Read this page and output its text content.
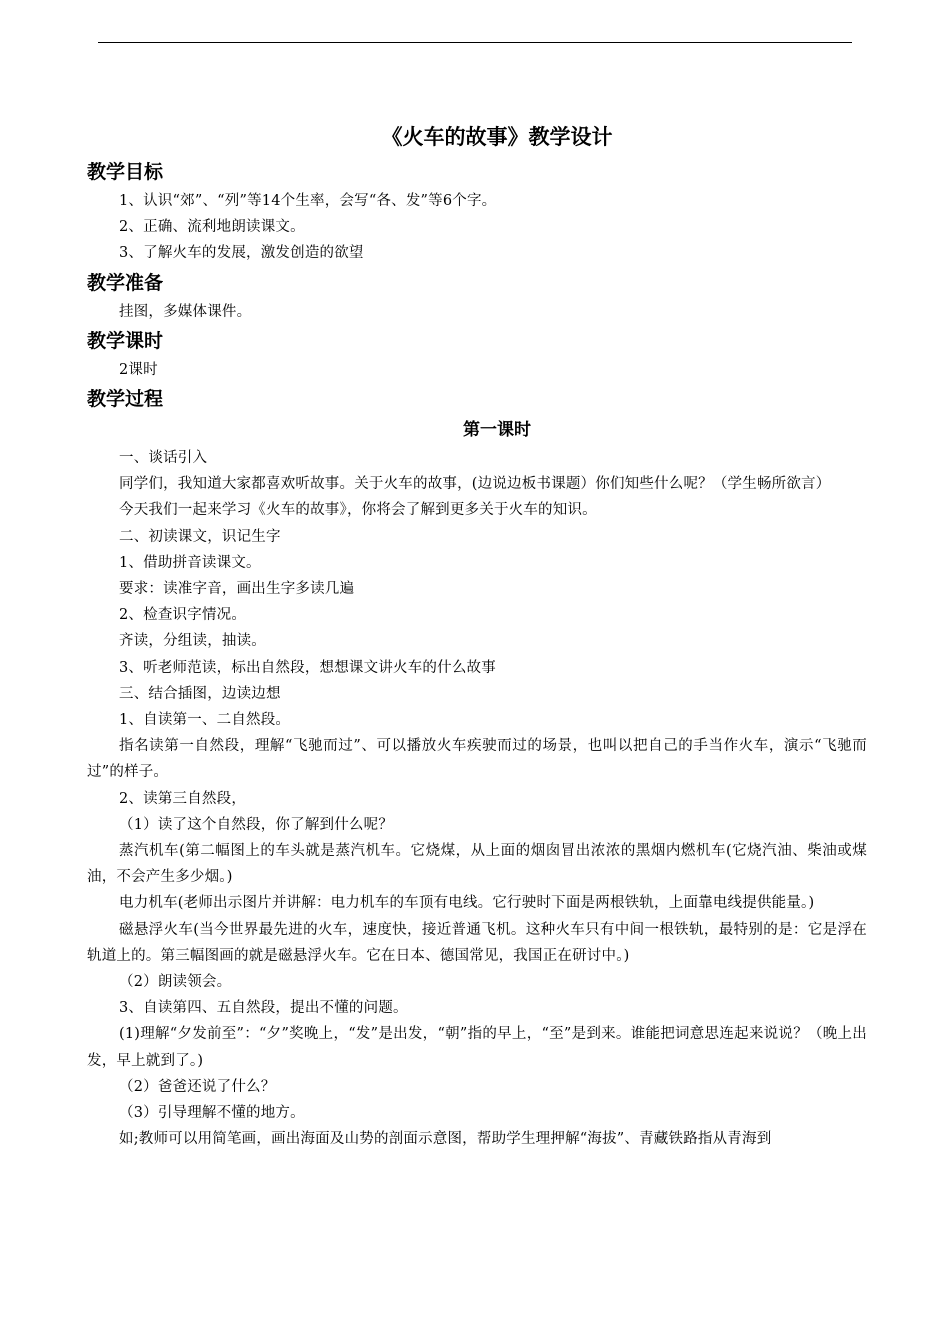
《火车的故事》教学设计
教学目标

1、认识“郊”、“列”等14个生率，会写“各、发”等6个字。

2、正确、流利地朗读课文。

3、了解火车的发展，激发创造的欲望

教学准备

挂图，多媒体课件。

教学课时

2课时

教学过程
第一课时

一、谈话引入

同学们，我知道大家都喜欢听故事。关于火车的故事，(边说边板书课题）你们知些什么呢？（学生畅所欲言）

今天我们一起来学习《火车的故事》，你将会了解到更多关于火车的知识。

二、初读课文，识记生字

1、借助拼音读课文。

要求：读准字音，画出生字多读几遍

2、检查识字情况。

齐读，分组读，抽读。

3、听老师范读，标出自然段，想想课文讲火车的什么故事

三、结合插图，边读边想

1、自读第一、二自然段。

指名读第一自然段，理解“飞驰而过”、可以播放火车疾驶而过的场景，也叫以把自己的手当作火车，演示“飞驰而过”的样子。

2、读第三自然段，

（1）读了这个自然段，你了解到什么呢？

蒸汽机车(第二幅图上的车头就是蒸汽机车。它烧煤，从上面的烟囱冒出浓浓的黑烟内燃机车(它烧汽油、柴油或煤油，不会产生多少烟。)

电力机车(老师出示图片并讲解：电力机车的车顶有电线。它行驶时下面是两根铁轨，上面靠电线提供能量。)

磁悬浮火车(当今世界最先进的火车，速度快，接近普通飞机。这种火车只有中间一根铁轨，最特别的是：它是浮在轨道上的。第三幅图画的就是磁悬浮火车。它在日本、德国常见，我国正在研讨中。)

（2）朗读领会。

3、自读第四、五自然段，提出不懂的问题。

(1)理解“夕发前至”：“夕”奖晚上，“发”是出发，“朝”指的早上，“至”是到来。谁能把词意思连起来说说？（晚上出发，早上就到了。)

（2）爸爸还说了什么？

（3）引导理解不懂的地方。

如;教师可以用简笔画，画出海面及山势的剖面示意图，帮助学生理押解“海拔”、青藏铁路指从青海到
